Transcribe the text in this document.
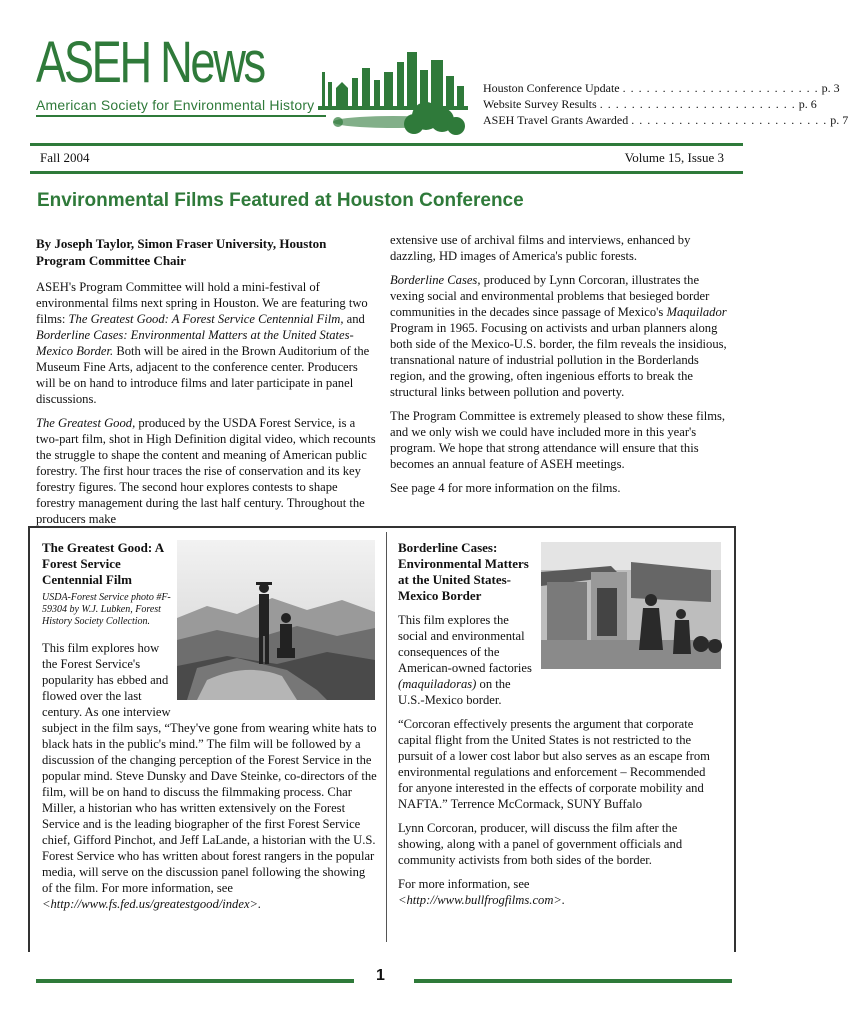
ASEH News
American Society for Environmental History
Houston Conference Update . . . . . . . . . . . . . . . . . . . . . . . . . p. 3
Website Survey Results . . . . . . . . . . . . . . . . . . . . . . . . . p. 6
ASEH Travel Grants Awarded . . . . . . . . . . . . . . . . . . . . . . . . . p. 7
Fall 2004	Volume 15, Issue 3
Environmental Films Featured at Houston Conference

By Joseph Taylor, Simon Fraser University, Houston Program Committee Chair

ASEH's Program Committee will hold a mini-festival of environmental films next spring in Houston. We are featuring two films: The Greatest Good: A Forest Service Centennial Film, and Borderline Cases: Environmental Matters at the United States-Mexico Border. Both will be aired in the Brown Auditorium of the Museum Fine Arts, adjacent to the conference center. Producers will be on hand to introduce films and later participate in panel discussions.

The Greatest Good, produced by the USDA Forest Service, is a two-part film, shot in High Definition digital video, which recounts the struggle to shape the content and meaning of American public forestry. The first hour traces the rise of conservation and its key forestry figures. The second hour explores contests to shape forestry management during the last half century. Throughout the producers make

extensive use of archival films and interviews, enhanced by dazzling, HD images of America's public forests.

Borderline Cases, produced by Lynn Corcoran, illustrates the vexing social and environmental problems that besieged border communities in the decades since passage of Mexico's Maquilador Program in 1965. Focusing on activists and urban planners along both side of the Mexico-U.S. border, the film reveals the insidious, transnational nature of industrial pollution in the Borderlands region, and the growing, often ingenious efforts to break the structural links between pollution and poverty.

The Program Committee is extremely pleased to show these films, and we only wish we could have included more in this year's program. We hope that strong attendance will ensure that this becomes an annual feature of ASEH meetings.

See page 4 for more information on the films.

The Greatest Good: A Forest Service Centennial Film
USDA-Forest Service photo #F-59304 by W.J. Lubken, Forest History Society Collection.
This film explores how the Forest Service's popularity has ebbed and flowed over the last century. As one interview
subject in the film says, “They've gone from wearing white hats to black hats in the public's mind.” The film will be followed by a discussion of the changing perception of the Forest Service in the popular mind. Steve Dunsky and Dave Steinke, co-directors of the film, will be on hand to discuss the filmmaking process. Char Miller, a historian who has written extensively on the Forest Service and is the leading biographer of the first Forest Service chief, Gifford Pinchot, and Jeff LaLande, a historian with the U.S. Forest Service who has written about forest rangers in the popular media, will serve on the discussion panel following the showing of the film. For more information, see
<http://www.fs.fed.us/greatestgood/index>.
Borderline Cases: Environmental Matters at the United States-Mexico Border

This film explores the social and environmental consequences of the American-owned factories (maquiladoras) on the U.S.-Mexico border.

“Corcoran effectively presents the argument that corporate capital flight from the United States is not restricted to the pursuit of a lower cost labor but also serves as an escape from environmental regulations and enforcement – Recommended for anyone interested in the effects of corporate mobility and NAFTA.” Terrence McCormack, SUNY Buffalo

Lynn Corcoran, producer, will discuss the film after the showing, along with a panel of government officials and community activists from both sides of the border.

For more information, see
<http://www.bullfrogfilms.com>.

1
